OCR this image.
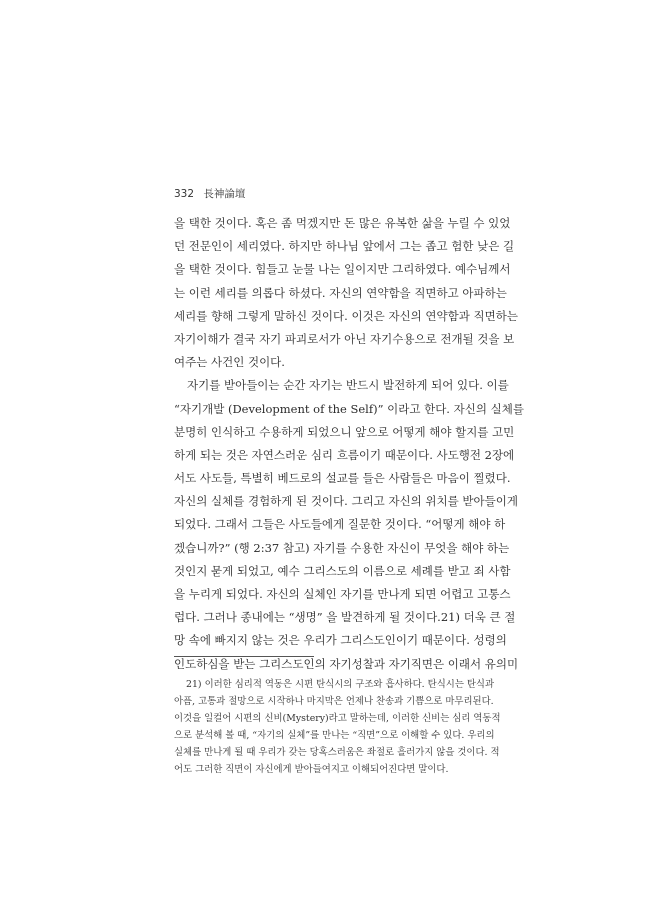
332 長神論壇
을 택한 것이다. 혹은 좀 먹겠지만 돈 많은 유복한 삶을 누릴 수 있었
던 전문인이 세리였다. 하지만 하나님 앞에서 그는 좁고 험한 낮은 길
을 택한 것이다. 힘들고 눈물 나는 일이지만 그리하였다. 예수님께서
는 이런 세리를 의롭다 하셨다. 자신의 연약함을 직면하고 아파하는
세리를 향해 그렇게 말하신 것이다. 이것은 자신의 연약함과 직면하는
자기이해가 결국 자기 파괴로서가 아닌 자기수용으로 전개될 것을 보
여주는 사건인 것이다.
자기를 받아들이는 순간 자기는 반드시 발전하게 되어 있다. 이를
“자기개발 (Development of the Self)” 이라고 한다. 자신의 실체를
분명히 인식하고 수용하게 되었으니 앞으로 어떻게 해야 할지를 고민
하게 되는 것은 자연스러운 심리 흐름이기 때문이다. 사도행전 2장에
서도 사도들, 특별히 베드로의 설교를 들은 사람들은 마음이 찔렸다.
자신의 실체를 경험하게 된 것이다. 그리고 자신의 위치를 받아들이게
되었다. 그래서 그들은 사도들에게 질문한 것이다. “어떻게 해야 하
겠습니까?” (행 2:37 참고) 자기를 수용한 자신이 무엇을 해야 하는
것인지 묻게 되었고, 예수 그리스도의 이름으로 세례를 받고 죄 사함
을 누리게 되었다. 자신의 실체인 자기를 만나게 되면 어렵고 고통스
럽다. 그러나 종내에는 “생명” 을 발견하게 될 것이다.21) 더욱 큰 절
망 속에 빠지지 않는 것은 우리가 그리스도인이기 때문이다. 성령의
인도하심을 받는 그리스도인의 자기성찰과 자기직면은 이래서 유의미
21) 이러한 심리적 역동은 시편 탄식시의 구조와 흡사하다. 탄식시는 탄식과
아픔, 고통과 절망으로 시작하나 마지막은 언제나 찬송과 기쁨으로 마무리된다.
이것을 일컬어 시편의 신비(Mystery)라고 말하는데, 이러한 신비는 심리 역동적
으로 분석해 볼 때, “자기의 실체”를 만나는 “직면”으로 이해할 수 있다. 우리의
실체를 만나게 될 때 우리가 갖는 당혹스러움은 좌절로 흘러가지 않을 것이다. 적
어도 그러한 직면이 자신에게 받아들여지고 이해되어진다면 말이다.
